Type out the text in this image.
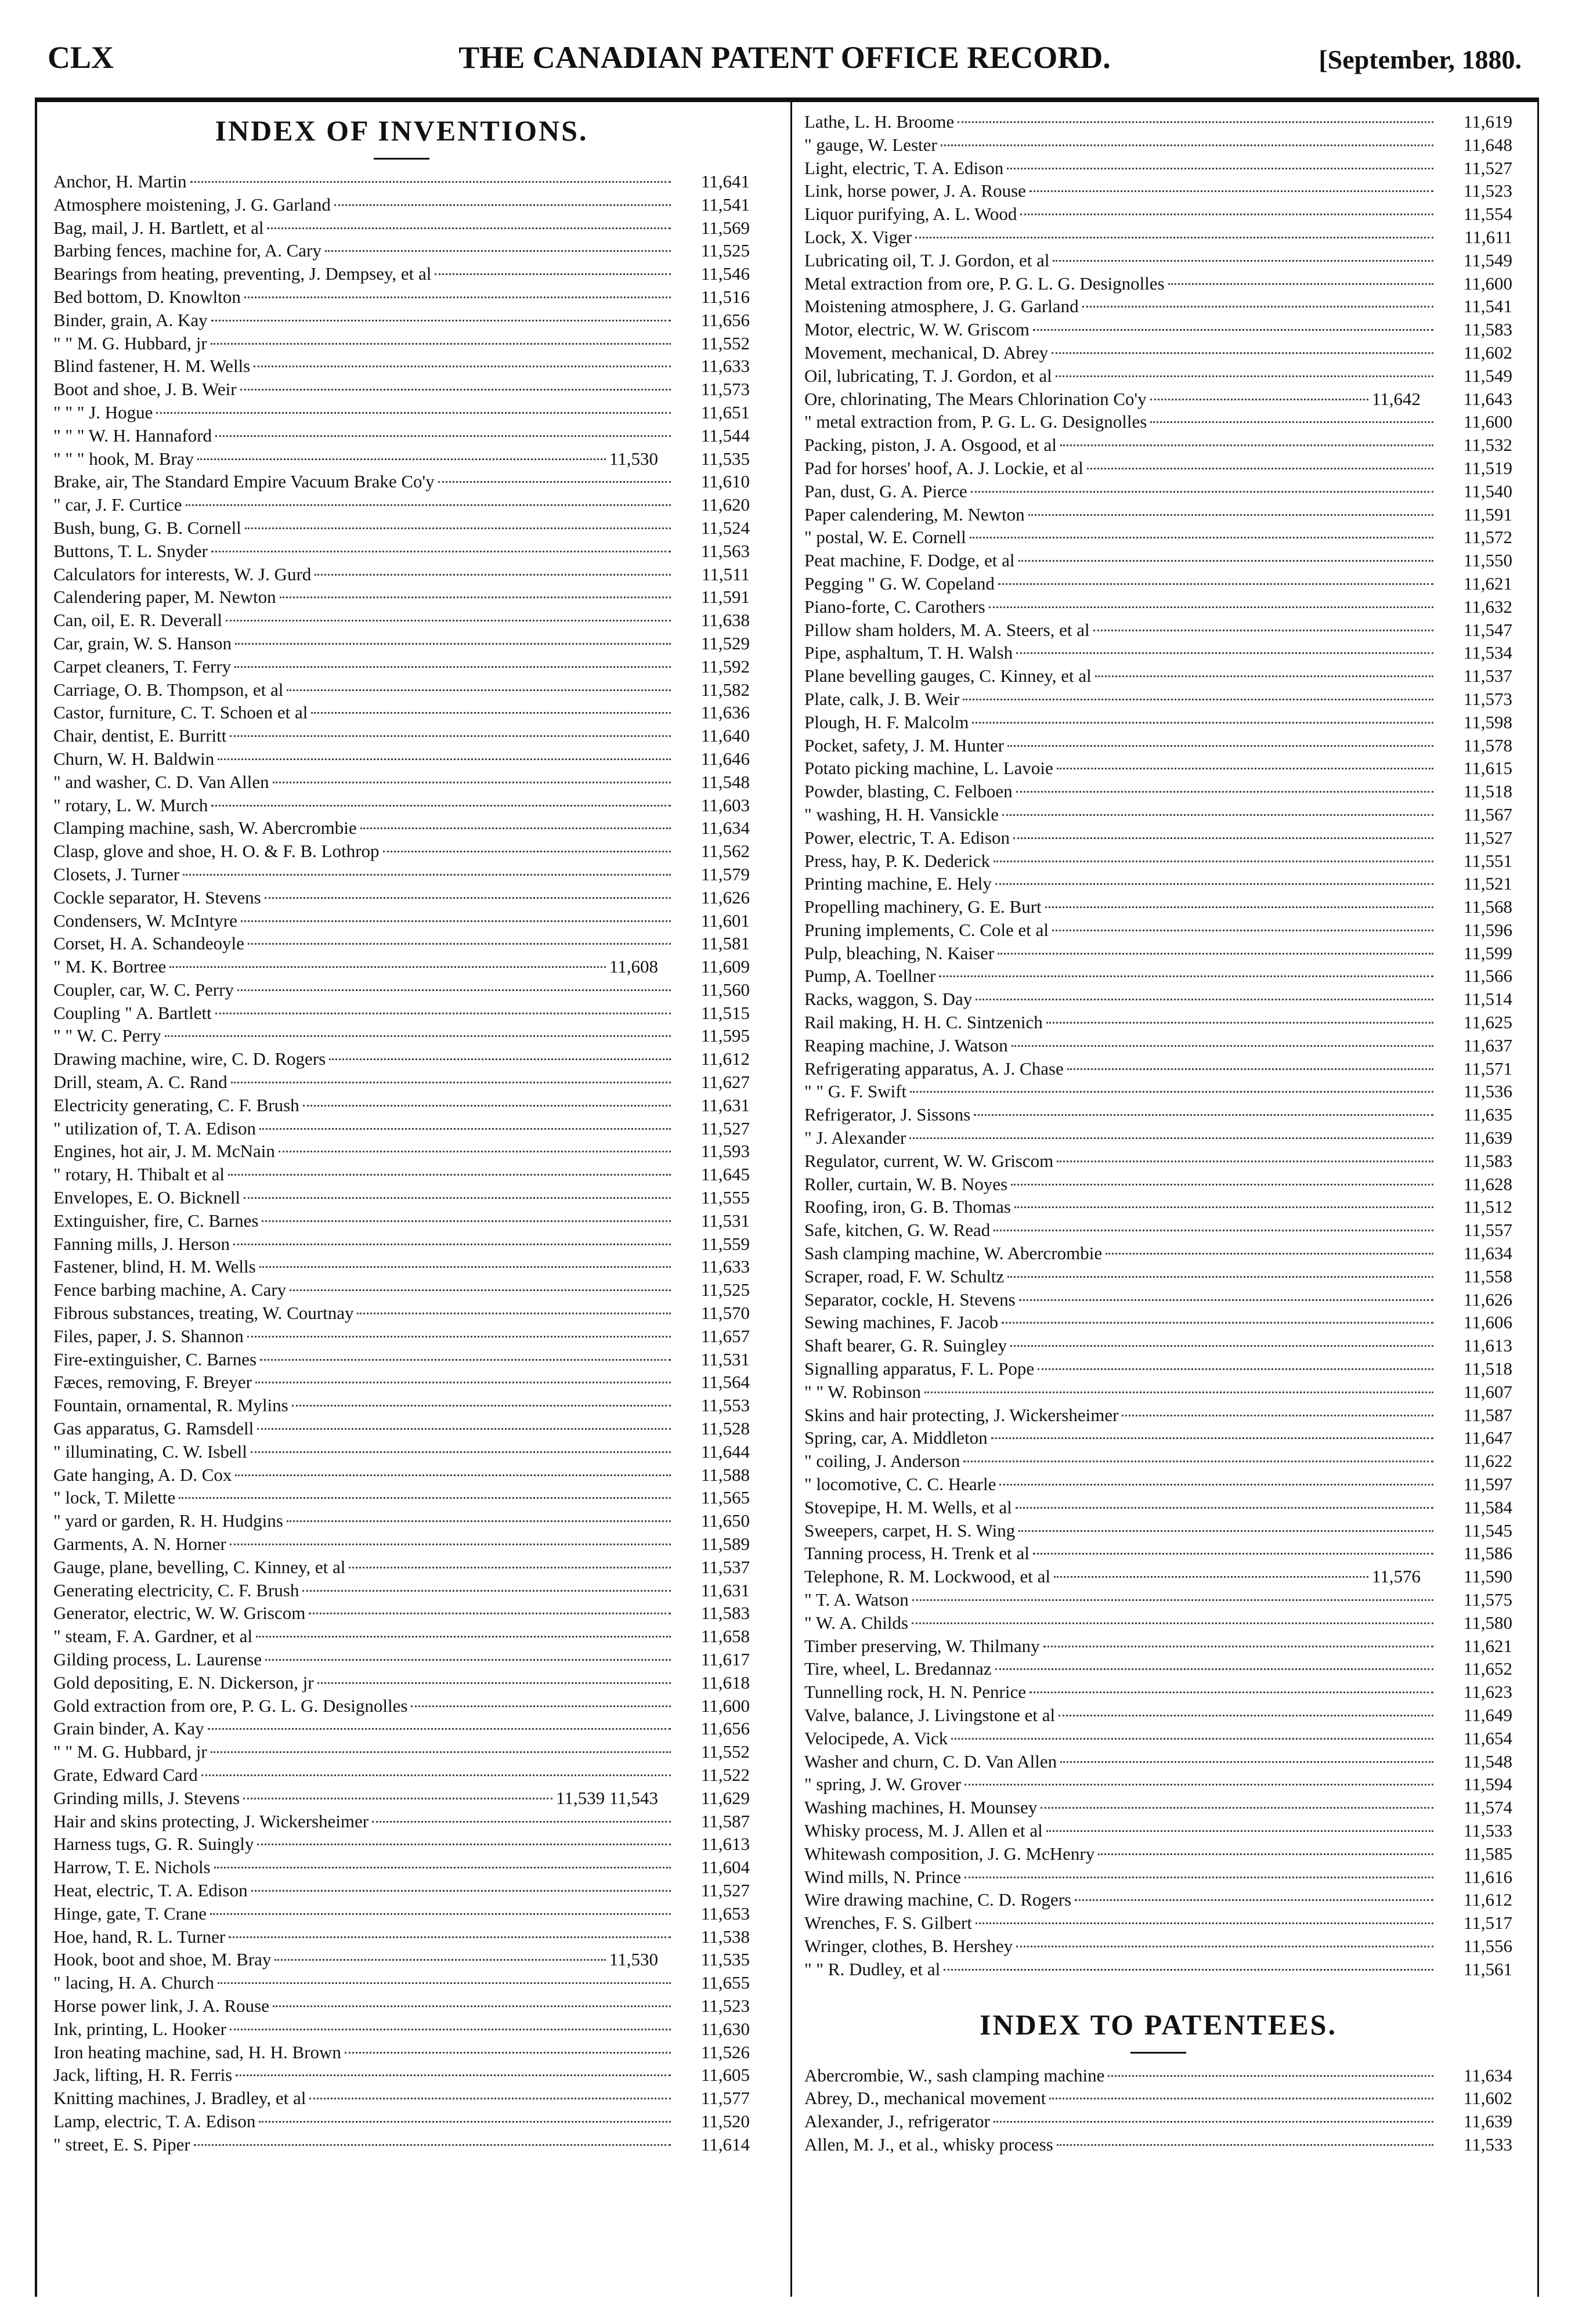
CLX	THE CANADIAN PATENT OFFICE RECORD.	[September, 1880.
INDEX OF INVENTIONS.
Anchor, H. Martin	11,641
Atmosphere moistening, J. G. Garland	11,541
Bag, mail, J. H. Bartlett, et al	11,569
Barbing fences, machine for, A. Cary	11,525
Bearings from heating, preventing, J. Dempsey, et al	11,546
Bed bottom, D. Knowlton	11,516
Binder, grain, A. Kay	11,656
" " M. G. Hubbard, jr	11,552
Blind fastener, H. M. Wells	11,633
Boot and shoe, J. B. Weir	11,573
" " " J. Hogue	11,651
" " " W. H. Hannaford	11,544
" " " hook, M. Bray	11,530	11,535
Brake, air, The Standard Empire Vacuum Brake Co'y	11,610
" car, J. F. Curtice	11,620
Bush, bung, G. B. Cornell	11,524
Buttons, T. L. Snyder	11,563
Calculators for interests, W. J. Gurd	11,511
Calendering paper, M. Newton	11,591
Can, oil, E. R. Deverall	11,638
Car, grain, W. S. Hanson	11,529
Carpet cleaners, T. Ferry	11,592
Carriage, O. B. Thompson, et al	11,582
Castor, furniture, C. T. Schoen et al	11,636
Chair, dentist, E. Burritt	11,640
Churn, W. H. Baldwin	11,646
" and washer, C. D. Van Allen	11,548
" rotary, L. W. Murch	11,603
Clamping machine, sash, W. Abercrombie	11,634
Clasp, glove and shoe, H. O. & F. B. Lothrop	11,562
Closets, J. Turner	11,579
Cockle separator, H. Stevens	11,626
Condensers, W. McIntyre	11,601
Corset, H. A. Schandeoyle	11,581
" M. K. Bortree	11,608	11,609
Coupler, car, W. C. Perry	11,560
Coupling " A. Bartlett	11,515
" " W. C. Perry	11,595
Drawing machine, wire, C. D. Rogers	11,612
Drill, steam, A. C. Rand	11,627
Electricity generating, C. F. Brush	11,631
" utilization of, T. A. Edison	11,527
Engines, hot air, J. M. McNain	11,593
" rotary, H. Thibalt et al	11,645
Envelopes, E. O. Bicknell	11,555
Extinguisher, fire, C. Barnes	11,531
Fanning mills, J. Herson	11,559
Fastener, blind, H. M. Wells	11,633
Fence barbing machine, A. Cary	11,525
Fibrous substances, treating, W. Courtnay	11,570
Files, paper, J. S. Shannon	11,657
Fire-extinguisher, C. Barnes	11,531
Fæces, removing, F. Breyer	11,564
Fountain, ornamental, R. Mylins	11,553
Gas apparatus, G. Ramsdell	11,528
" illuminating, C. W. Isbell	11,644
Gate hanging, A. D. Cox	11,588
" lock, T. Milette	11,565
" yard or garden, R. H. Hudgins	11,650
Garments, A. N. Horner	11,589
Gauge, plane, bevelling, C. Kinney, et al	11,537
Generating electricity, C. F. Brush	11,631
Generator, electric, W. W. Griscom	11,583
" steam, F. A. Gardner, et al	11,658
Gilding process, L. Laurense	11,617
Gold depositing, E. N. Dickerson, jr	11,618
Gold extraction from ore, P. G. L. G. Designolles	11,600
Grain binder, A. Kay	11,656
" " M. G. Hubbard, jr	11,552
Grate, Edward Card	11,522
Grinding mills, J. Stevens	11,539 11,543	11,629
Hair and skins protecting, J. Wickersheimer	11,587
Harness tugs, G. R. Suingly	11,613
Harrow, T. E. Nichols	11,604
Heat, electric, T. A. Edison	11,527
Hinge, gate, T. Crane	11,653
Hoe, hand, R. L. Turner	11,538
Hook, boot and shoe, M. Bray	11,530	11,535
" lacing, H. A. Church	11,655
Horse power link, J. A. Rouse	11,523
Ink, printing, L. Hooker	11,630
Iron heating machine, sad, H. H. Brown	11,526
Jack, lifting, H. R. Ferris	11,605
Knitting machines, J. Bradley, et al	11,577
Lamp, electric, T. A. Edison	11,520
" street, E. S. Piper	11,614
Lathe, L. H. Broome	11,619
" gauge, W. Lester	11,648
Light, electric, T. A. Edison	11,527
Link, horse power, J. A. Rouse	11,523
Liquor purifying, A. L. Wood	11,554
Lock, X. Viger	11,611
Lubricating oil, T. J. Gordon, et al	11,549
Metal extraction from ore, P. G. L. G. Designolles	11,600
Moistening atmosphere, J. G. Garland	11,541
Motor, electric, W. W. Griscom	11,583
Movement, mechanical, D. Abrey	11,602
Oil, lubricating, T. J. Gordon, et al	11,549
Ore, chlorinating, The Mears Chlorination Co'y	11,642	11,643
" metal extraction from, P. G. L. G. Designolles	11,600
Packing, piston, J. A. Osgood, et al	11,532
Pad for horses' hoof, A. J. Lockie, et al	11,519
Pan, dust, G. A. Pierce	11,540
Paper calendering, M. Newton	11,591
" postal, W. E. Cornell	11,572
Peat machine, F. Dodge, et al	11,550
Pegging " G. W. Copeland	11,621
Piano-forte, C. Carothers	11,632
Pillow sham holders, M. A. Steers, et al	11,547
Pipe, asphaltum, T. H. Walsh	11,534
Plane bevelling gauges, C. Kinney, et al	11,537
Plate, calk, J. B. Weir	11,573
Plough, H. F. Malcolm	11,598
Pocket, safety, J. M. Hunter	11,578
Potato picking machine, L. Lavoie	11,615
Powder, blasting, C. Felboen	11,518
" washing, H. H. Vansickle	11,567
Power, electric, T. A. Edison	11,527
Press, hay, P. K. Dederick	11,551
Printing machine, E. Hely	11,521
Propelling machinery, G. E. Burt	11,568
Pruning implements, C. Cole et al	11,596
Pulp, bleaching, N. Kaiser	11,599
Pump, A. Toellner	11,566
Racks, waggon, S. Day	11,514
Rail making, H. H. C. Sintzenich	11,625
Reaping machine, J. Watson	11,637
Refrigerating apparatus, A. J. Chase	11,571
" " G. F. Swift	11,536
Refrigerator, J. Sissons	11,635
" J. Alexander	11,639
Regulator, current, W. W. Griscom	11,583
Roller, curtain, W. B. Noyes	11,628
Roofing, iron, G. B. Thomas	11,512
Safe, kitchen, G. W. Read	11,557
Sash clamping machine, W. Abercrombie	11,634
Scraper, road, F. W. Schultz	11,558
Separator, cockle, H. Stevens	11,626
Sewing machines, F. Jacob	11,606
Shaft bearer, G. R. Suingley	11,613
Signalling apparatus, F. L. Pope	11,518
" " W. Robinson	11,607
Skins and hair protecting, J. Wickersheimer	11,587
Spring, car, A. Middleton	11,647
" coiling, J. Anderson	11,622
" locomotive, C. C. Hearle	11,597
Stovepipe, H. M. Wells, et al	11,584
Sweepers, carpet, H. S. Wing	11,545
Tanning process, H. Trenk et al	11,586
Telephone, R. M. Lockwood, et al	11,576	11,590
" T. A. Watson	11,575
" W. A. Childs	11,580
Timber preserving, W. Thilmany	11,621
Tire, wheel, L. Bredannaz	11,652
Tunnelling rock, H. N. Penrice	11,623
Valve, balance, J. Livingstone et al	11,649
Velocipede, A. Vick	11,654
Washer and churn, C. D. Van Allen	11,548
" spring, J. W. Grover	11,594
Washing machines, H. Mounsey	11,574
Whisky process, M. J. Allen et al	11,533
Whitewash composition, J. G. McHenry	11,585
Wind mills, N. Prince	11,616
Wire drawing machine, C. D. Rogers	11,612
Wrenches, F. S. Gilbert	11,517
Wringer, clothes, B. Hershey	11,556
" " R. Dudley, et al	11,561
INDEX TO PATENTEES.
Abercrombie, W., sash clamping machine	11,634
Abrey, D., mechanical movement	11,602
Alexander, J., refrigerator	11,639
Allen, M. J., et al., whisky process	11,533
